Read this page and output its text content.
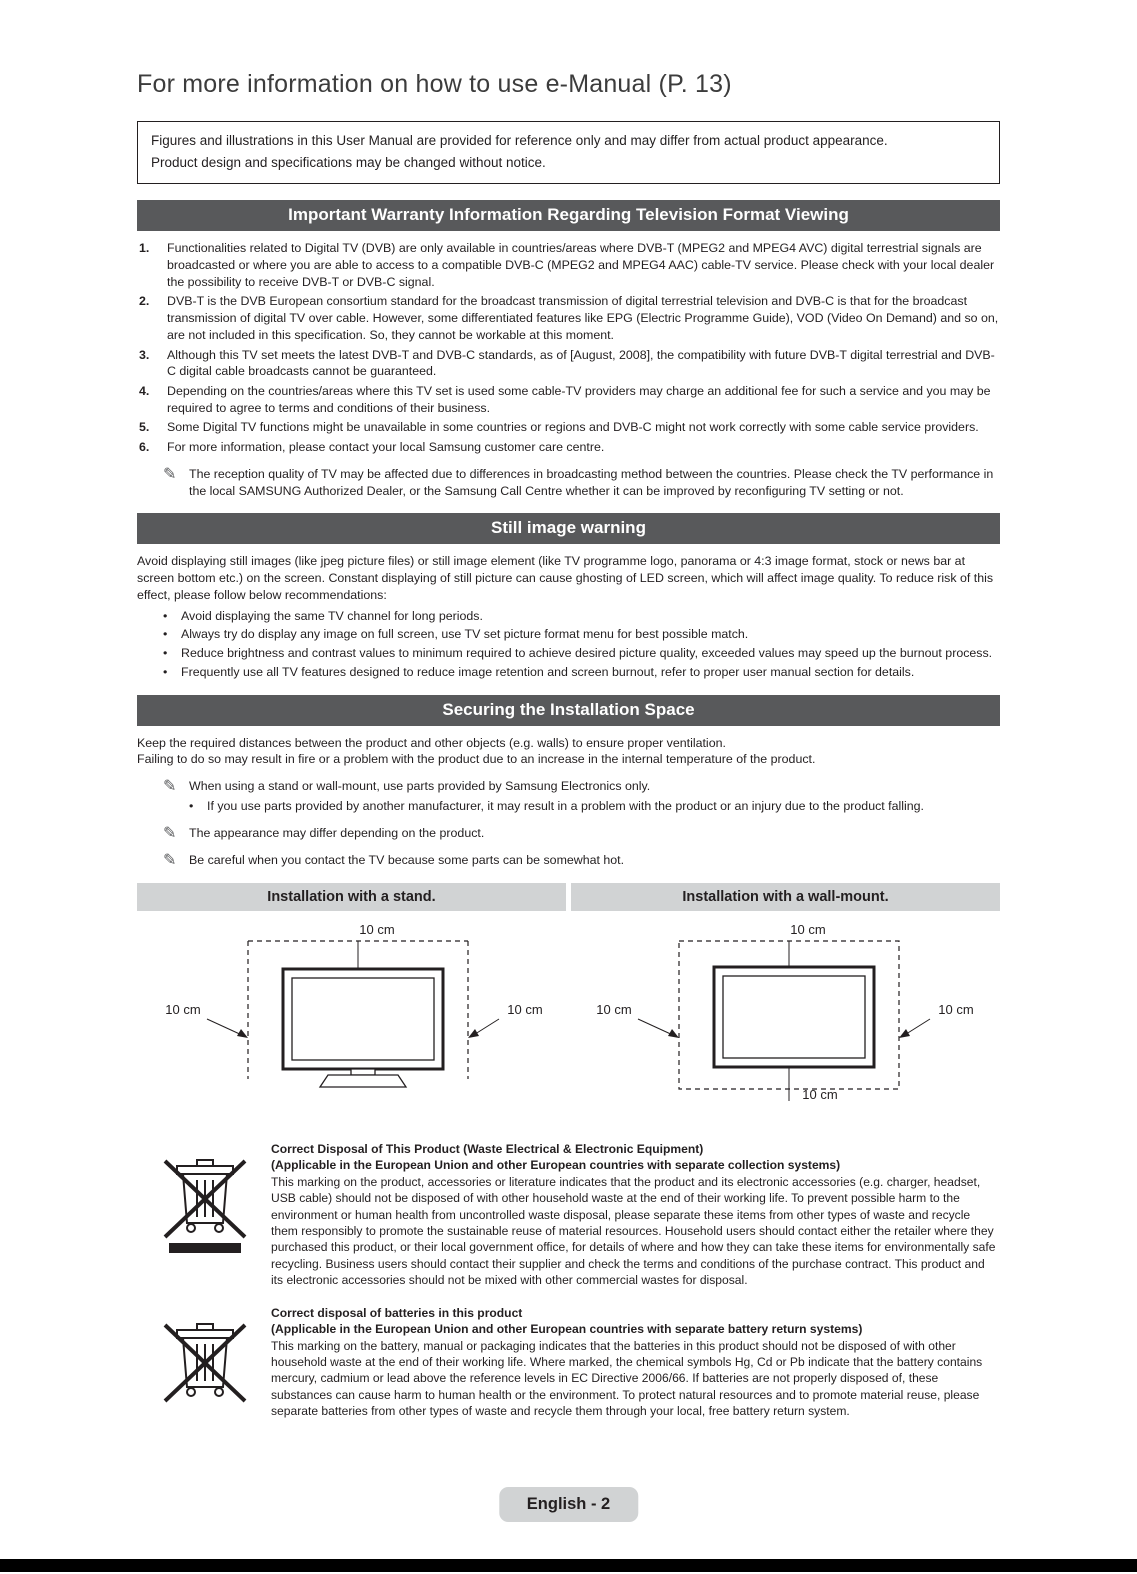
For more information on how to use e-Manual (P. 13)

Figures and illustrations in this User Manual are provided for reference only and may differ from actual product appearance.

Product design and specifications may be changed without notice.

Important Warranty Information Regarding Television Format Viewing
1.	Functionalities related to Digital TV (DVB) are only available in countries/areas where DVB-T (MPEG2 and MPEG4 AVC) digital terrestrial signals are broadcasted or where you are able to access to a compatible DVB-C (MPEG2 and MPEG4 AAC) cable-TV service. Please check with your local dealer the possibility to receive DVB-T or DVB-C signal.
2.	DVB-T is the DVB European consortium standard for the broadcast transmission of digital terrestrial television and DVB-C is that for the broadcast transmission of digital TV over cable. However, some differentiated features like EPG (Electric Programme Guide), VOD (Video On Demand) and so on, are not included in this specification. So, they cannot be workable at this moment.
3.	Although this TV set meets the latest DVB-T and DVB-C standards, as of [August, 2008], the compatibility with future DVB-T digital terrestrial and DVB-C digital cable broadcasts cannot be guaranteed.
4.	Depending on the countries/areas where this TV set is used some cable-TV providers may charge an additional fee for such a service and you may be required to agree to terms and conditions of their business.
5.	Some Digital TV functions might be unavailable in some countries or regions and DVB-C might not work correctly with some cable service providers.
6.	For more information, please contact your local Samsung customer care centre.
✎	The reception quality of TV may be affected due to differences in broadcasting method between the countries. Please check the TV performance in the local SAMSUNG Authorized Dealer, or the Samsung Call Centre whether it can be improved by reconfiguring TV setting or not.
Still image warning

Avoid displaying still images (like jpeg picture files) or still image element (like TV programme logo, panorama or 4:3 image format, stock or news bar at screen bottom etc.) on the screen. Constant displaying of still picture can cause ghosting of LED screen, which will affect image quality. To reduce risk of this effect, please follow below recommendations:

•	Avoid displaying the same TV channel for long periods.
•	Always try do display any image on full screen, use TV set picture format menu for best possible match.
•	Reduce brightness and contrast values to minimum required to achieve desired picture quality, exceeded values may speed up the burnout process.
•	Frequently use all TV features designed to reduce image retention and screen burnout, refer to proper user manual section for details.
Securing the Installation Space

Keep the required distances between the product and other objects (e.g. walls) to ensure proper ventilation.

Failing to do so may result in fire or a problem with the product due to an increase in the internal temperature of the product.

✎	When using a stand or wall-mount, use parts provided by Samsung Electronics only.
•	If you use parts provided by another manufacturer, it may result in a problem with the product or an injury due to the product falling.
✎	The appearance may differ depending on the product.
✎	Be careful when you contact the TV because some parts can be somewhat hot.
Installation with a stand.	Installation with a wall-mount.
10 cm
10 cm	10 cm
10 cm
10 cm	10 cm
10 cm

Correct Disposal of This Product (Waste Electrical & Electronic Equipment)

(Applicable in the European Union and other European countries with separate collection systems)

This marking on the product, accessories or literature indicates that the product and its electronic accessories (e.g. charger, headset, USB cable) should not be disposed of with other household waste at the end of their working life. To prevent possible harm to the environment or human health from uncontrolled waste disposal, please separate these items from other types of waste and recycle them responsibly to promote the sustainable reuse of material resources. Household users should contact either the retailer where they purchased this product, or their local government office, for details of where and how they can take these items for environmentally safe recycling. Business users should contact their supplier and check the terms and conditions of the purchase contract. This product and its electronic accessories should not be mixed with other commercial wastes for disposal.

Correct disposal of batteries in this product

(Applicable in the European Union and other European countries with separate battery return systems)

This marking on the battery, manual or packaging indicates that the batteries in this product should not be disposed of with other household waste at the end of their working life. Where marked, the chemical symbols Hg, Cd or Pb indicate that the battery contains mercury, cadmium or lead above the reference levels in EC Directive 2006/66. If batteries are not properly disposed of, these substances can cause harm to human health or the environment. To protect natural resources and to promote material reuse, please separate batteries from other types of waste and recycle them through your local, free battery return system.

English - 2
